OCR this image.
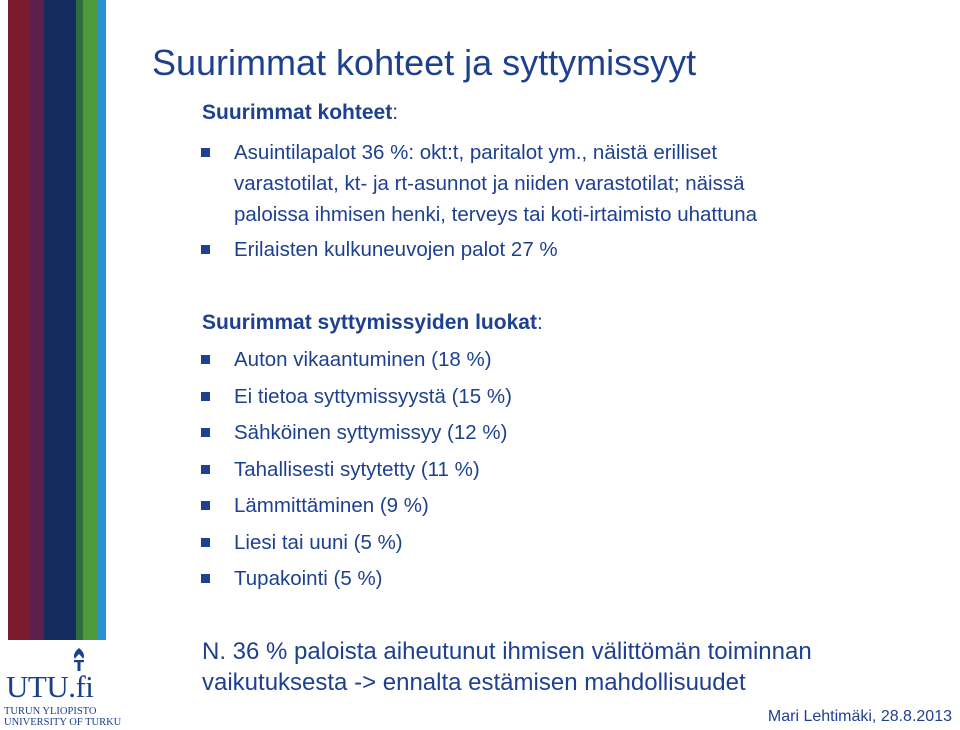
UTU.fi
TURUN YLIOPISTO
UNIVERSITY OF TURKU
Suurimmat kohteet ja syttymissyyt
Suurimmat kohteet:
Asuintilapalot 36 %: okt:t, paritalot ym., näistä erilliset
varastotilat, kt- ja rt-asunnot ja niiden varastotilat; näissä
paloissa ihmisen henki, terveys tai koti-irtaimisto uhattuna
Erilaisten kulkuneuvojen palot 27 %
Suurimmat syttymissyiden luokat:
Auton vikaantuminen (18 %)
Ei tietoa syttymissyystä (15 %)
Sähköinen syttymissyy (12 %)
Tahallisesti sytytetty (11 %)
Lämmittäminen (9 %)
Liesi tai uuni (5 %)
Tupakointi (5 %)
N. 36 % paloista aiheutunut ihmisen välittömän toiminnan
vaikutuksesta -> ennalta estämisen mahdollisuudet
Mari Lehtimäki, 28.8.2013
